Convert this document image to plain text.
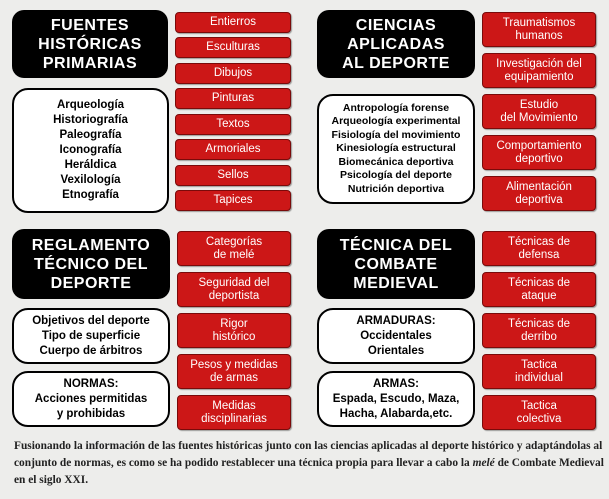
FUENTES
HISTÓRICAS
PRIMARIAS
Arqueología
Historiografía
Paleografía
Iconografía
Heráldica
Vexilología
Etnografía
Entierros
Esculturas
Dibujos
Pinturas
Textos
Armoriales
Sellos
Tapices
CIENCIAS
APLICADAS
AL DEPORTE
Antropología forense
Arqueología experimental
Fisiología del movimiento
Kinesiología estructural
Biomecánica deportiva
Psicología del deporte
Nutrición deportiva
Traumatismos
humanos
Investigación del
equipamiento
Estudio
del Movimiento
Comportamiento
deportivo
Alimentación
deportiva
REGLAMENTO
TÉCNICO DEL
DEPORTE
Objetivos del deporte
Tipo de superficie
Cuerpo de árbitros
NORMAS:
Acciones permitidas
y prohibidas
Categorías
de melé
Seguridad del
deportista
Rigor
histórico
Pesos y medidas
de armas
Medidas
disciplinarias
TÉCNICA DEL
COMBATE
MEDIEVAL
ARMADURAS:
Occidentales
Orientales
ARMAS:
Espada, Escudo, Maza,
Hacha, Alabarda,etc.
Técnicas de
defensa
Técnicas de
ataque
Técnicas de
derribo
Tactica
individual
Tactica
colectiva

Fusionando la información de las fuentes históricas junto con las ciencias aplicadas al deporte histórico y adaptándolas al conjunto de normas, es como se ha podido restablecer una técnica propia para llevar a cabo la melé de Combate Medieval en el siglo XXI.
